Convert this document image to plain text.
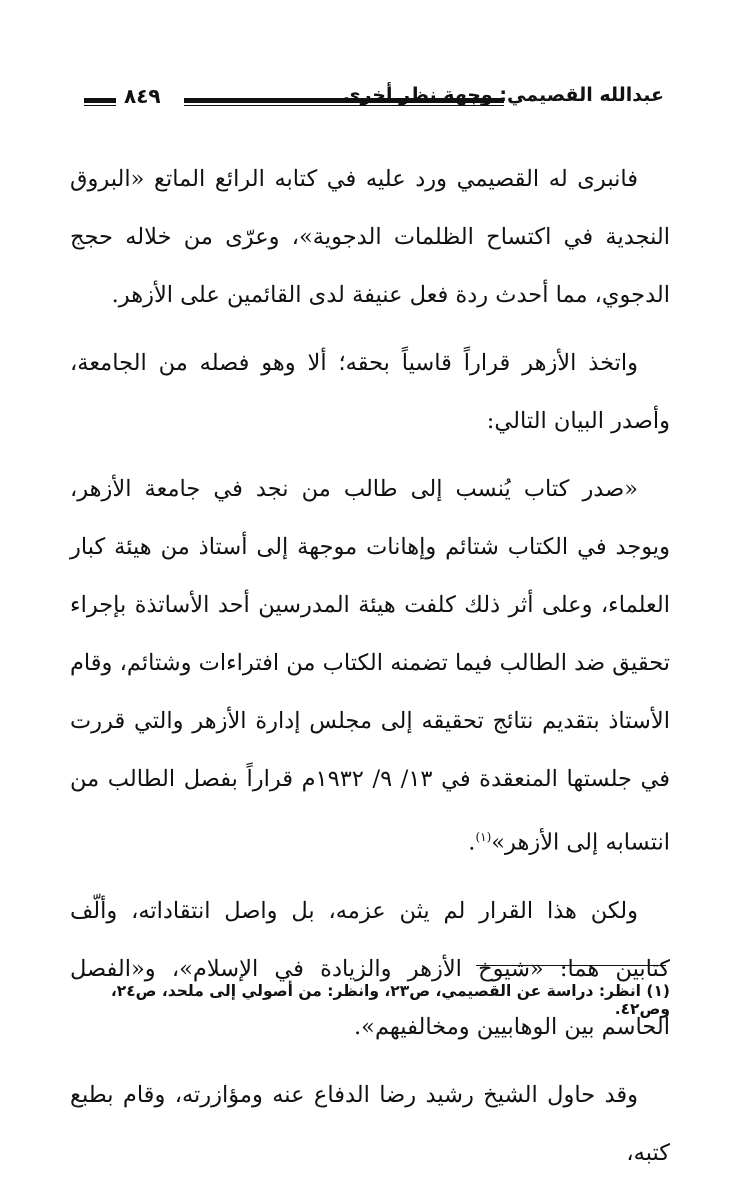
عبدالله القصيمي: وجهة نظر أخرى
٨٤٩

فانبرى له القصيمي ورد عليه في كتابه الرائع الماتع «البروق النجدية في اكتساح الظلمات الدجوية»، وعرّى من خلاله حجج الدجوي، مما أحدث ردة فعل عنيفة لدى القائمين على الأزهر.

واتخذ الأزهر قراراً قاسياً بحقه؛ ألا وهو فصله من الجامعة، وأصدر البيان التالي:

«صدر كتاب يُنسب إلى طالب من نجد في جامعة الأزهر، ويوجد في الكتاب شتائم وإهانات موجهة إلى أستاذ من هيئة كبار العلماء، وعلى أثر ذلك كلفت هيئة المدرسين أحد الأساتذة بإجراء تحقيق ضد الطالب فيما تضمنه الكتاب من افتراءات وشتائم، وقام الأستاذ بتقديم نتائج تحقيقه إلى مجلس إدارة الأزهر والتي قررت في جلستها المنعقدة في ١٣/ ٩/ ١٩٣٢م قراراً بفصل الطالب من انتسابه إلى الأزهر»$^{(١)}$.

ولكن هذا القرار لم يثن عزمه، بل واصل انتقاداته، وألّف كتابين هما: «شيوخ الأزهر والزيادة في الإسلام»، و«الفصل الحاسم بين الوهابيين ومخالفيهم».

وقد حاول الشيخ رشيد رضا الدفاع عنه ومؤازرته، وقام بطبع كتبه،

(١) انظر: دراسة عن القصيمي، ص٢٣، وانظر: من أصولي إلى ملحد، ص٢٤، وص٤٢.
